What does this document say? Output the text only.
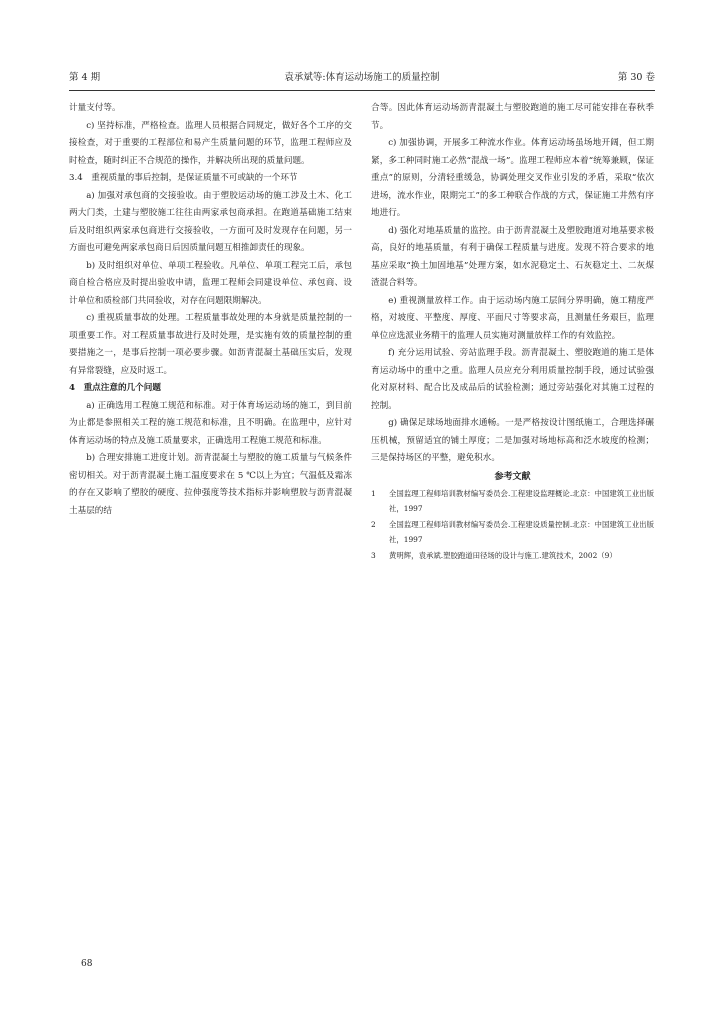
第 4 期	袁承斌等:体育运动场施工的质量控制	第 30 卷

计量支付等。

c) 坚持标准，严格检查。监理人员根据合同规定，做好各个工序的交接检查，对于重要的工程部位和易产生质量问题的环节，监理工程师应及时检查，随时纠正不合规范的操作，并解决所出现的质量问题。

3.4　重视质量的事后控制，是保证质量不可或缺的一个环节

a) 加强对承包商的交接验收。由于塑胶运动场的施工涉及土木、化工两大门类，土建与塑胶施工往往由两家承包商承担。在跑道基础施工结束后及时组织两家承包商进行交接验收，一方面可及时发现存在问题，另一方面也可避免两家承包商日后因质量问题互相推卸责任的现象。

b) 及时组织对单位、单项工程验收。凡单位、单项工程完工后，承包商自检合格应及时提出验收申请，监理工程师会同建设单位、承包商、设计单位和质检部门共同验收，对存在问题限期解决。

c) 重视质量事故的处理。工程质量事故处理的本身就是质量控制的一项重要工作。对工程质量事故进行及时处理，是实施有效的质量控制的重要措施之一，是事后控制一项必要步骤。如沥青混凝土基础压实后，发现有异常裂缝，应及时返工。

4　重点注意的几个问题

a) 正确选用工程施工规范和标准。对于体育场运动场的施工，到目前为止都是参照相关工程的施工规范和标准，且不明确。在监理中，应针对体育运动场的特点及施工质量要求，正确选用工程施工规范和标准。

b) 合理安排施工进度计划。沥青混凝土与塑胶的施工质量与气候条件密切相关。对于沥青混凝土施工温度要求在 5 ℃以上为宜；气温低及霜冻的存在又影响了塑胶的硬度、拉伸强度等技术指标并影响塑胶与沥青混凝土基层的结

合等。因此体育运动场沥青混凝土与塑胶跑道的施工尽可能安排在春秋季节。

c) 加强协调，开展多工种流水作业。体育运动场虽场地开阔，但工期紧，多工种同时施工必然“混战一场”。监理工程师应本着“统筹兼顾，保证重点”的原则，分清轻重缓急，协调处理交叉作业引发的矛盾，采取“依次进场，流水作业，限期完工”的多工种联合作战的方式，保证施工井然有序地进行。

d) 强化对地基质量的监控。由于沥青混凝土及塑胶跑道对地基要求极高，良好的地基质量，有利于确保工程质量与进度。发现不符合要求的地基应采取“换土加固地基”处理方案，如水泥稳定土、石灰稳定土、二灰煤渣混合料等。

e) 重视测量放样工作。由于运动场内施工层间分界明确，施工精度严格，对坡度、平整度、厚度、平面尺寸等要求高，且测量任务艰巨，监理单位应选派业务精干的监理人员实施对测量放样工作的有效监控。

f) 充分运用试验、旁站监理手段。沥青混凝土、塑胶跑道的施工是体育运动场中的重中之重。监理人员应充分利用质量控制手段，通过试验强化对原材料、配合比及成品后的试验检测；通过旁站强化对其施工过程的控制。

g) 确保足球场地面排水通畅。一是严格按设计图纸施工，合理选择碾压机械，预留适宜的铺土厚度；二是加强对场地标高和泛水坡度的检测；三是保持场区的平整，避免积水。

参考文献
1	全国监理工程师培训教材编写委员会.工程建设监理概论.北京：中国建筑工业出版社，1997
2	全国监理工程师培训教材编写委员会.工程建设质量控制.北京：中国建筑工业出版社，1997
3	黄明辉，袁承斌.塑胶跑道田径场的设计与施工.建筑技术，2002（9）
68
